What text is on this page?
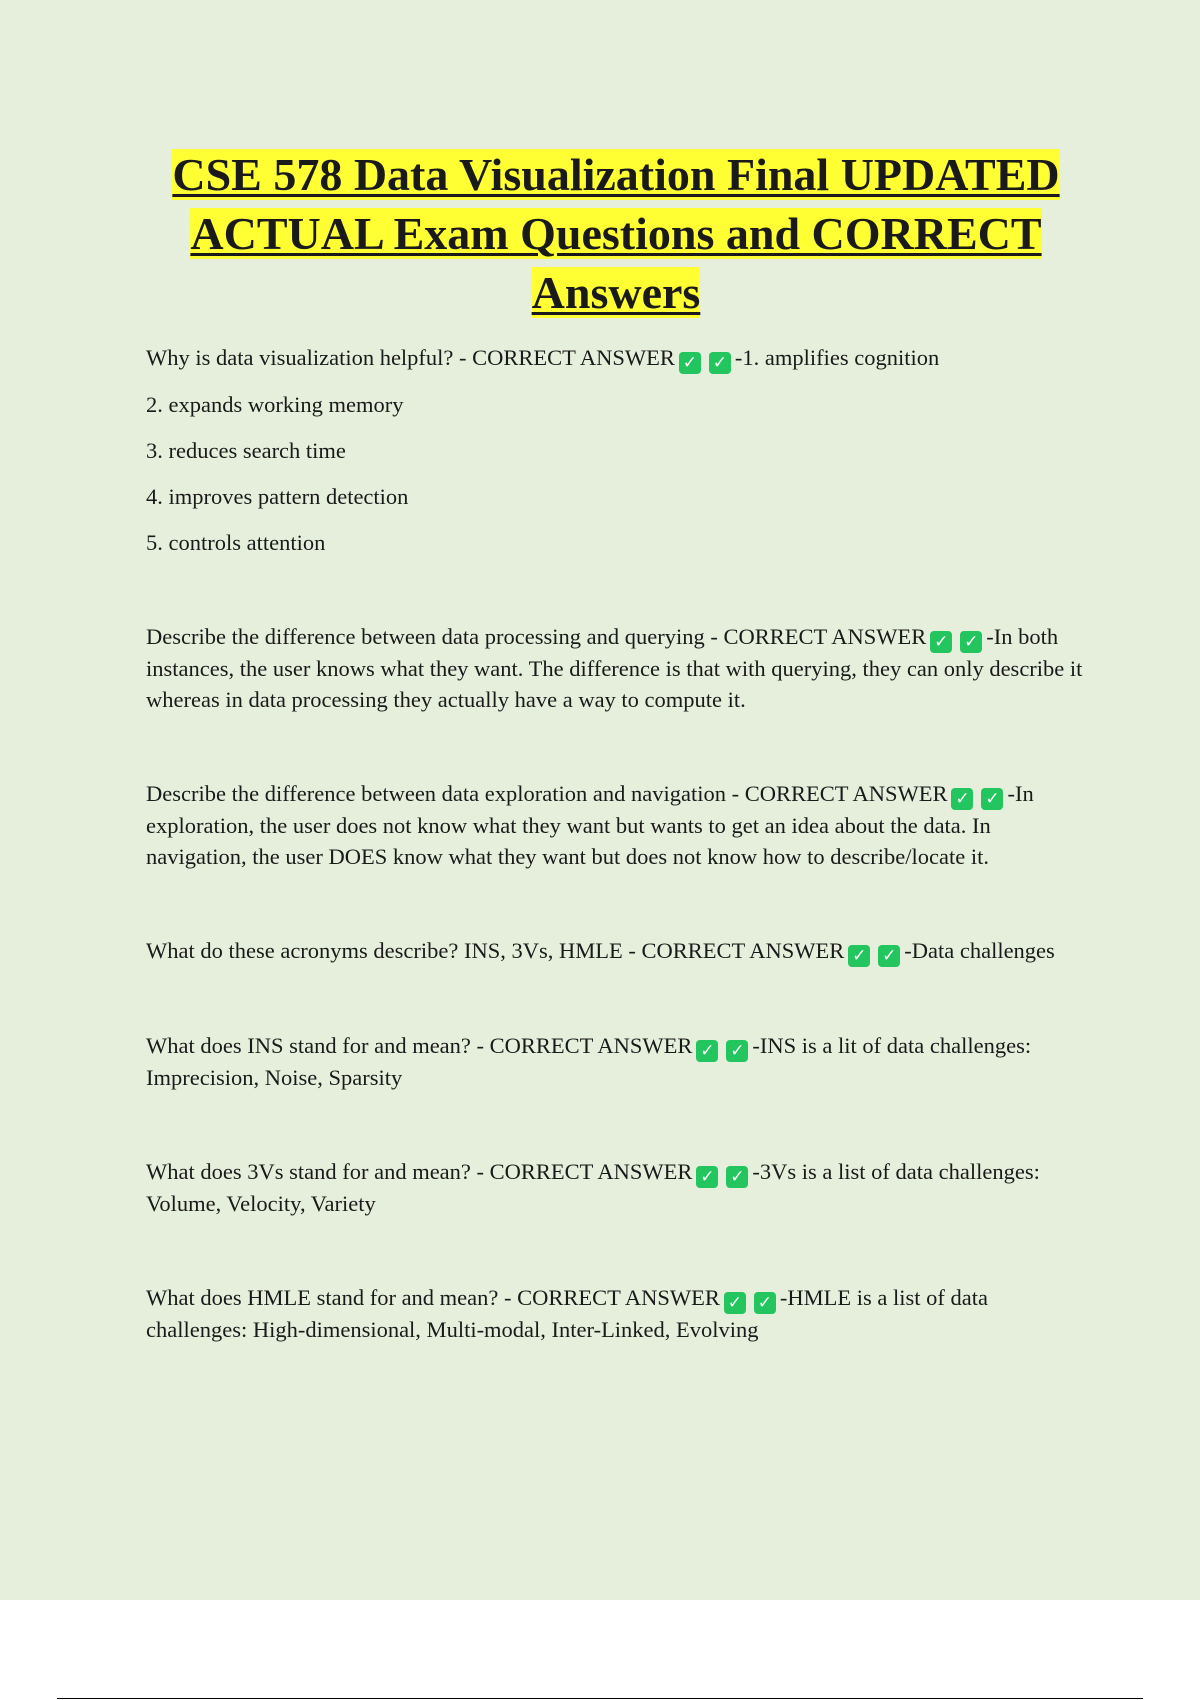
CSE 578 Data Visualization Final UPDATED ACTUAL Exam Questions and CORRECT Answers

Why is data visualization helpful? - CORRECT ANSWER ✓ ✓ -1. amplifies cognition
2. expands working memory
3. reduces search time
4. improves pattern detection
5. controls attention

Describe the difference between data processing and querying - CORRECT ANSWER ✓ ✓ -In both instances, the user knows what they want. The difference is that with querying, they can only describe it whereas in data processing they actually have a way to compute it.

Describe the difference between data exploration and navigation - CORRECT ANSWER ✓ ✓ -In exploration, the user does not know what they want but wants to get an idea about the data. In navigation, the user DOES know what they want but does not know how to describe/locate it.

What do these acronyms describe? INS, 3Vs, HMLE - CORRECT ANSWER ✓ ✓ -Data challenges

What does INS stand for and mean? - CORRECT ANSWER ✓ ✓ -INS is a lit of data challenges: Imprecision, Noise, Sparsity

What does 3Vs stand for and mean? - CORRECT ANSWER ✓ ✓ -3Vs is a list of data challenges: Volume, Velocity, Variety

What does HMLE stand for and mean? - CORRECT ANSWER ✓ ✓ -HMLE is a list of data challenges: High-dimensional, Multi-modal, Inter-Linked, Evolving
